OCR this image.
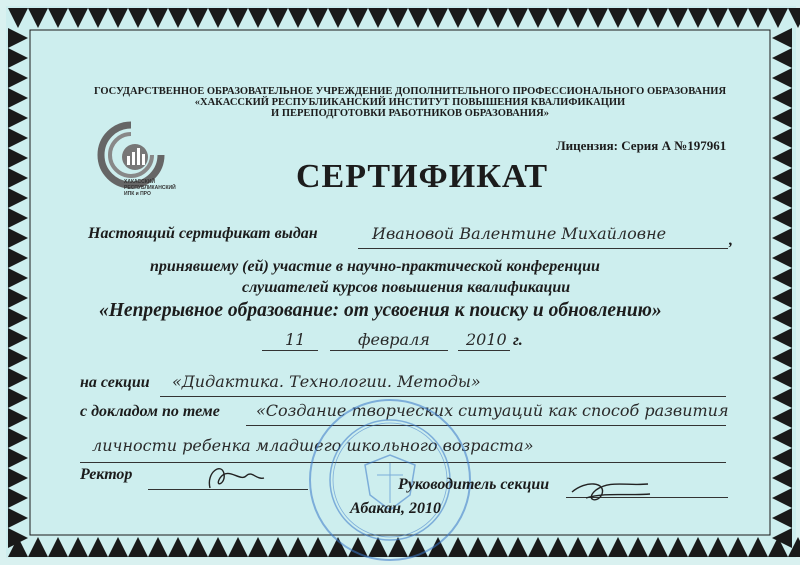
ГОСУДАРСТВЕННОЕ ОБРАЗОВАТЕЛЬНОЕ УЧРЕЖДЕНИЕ ДОПОЛНИТЕЛЬНОГО ПРОФЕССИОНАЛЬНОГО ОБРАЗОВАНИЯ
«ХАКАССКИЙ РЕСПУБЛИКАНСКИЙ ИНСТИТУТ ПОВЫШЕНИЯ КВАЛИФИКАЦИИ
И ПЕРЕПОДГОТОВКИ РАБОТНИКОВ ОБРАЗОВАНИЯ»
ХАКАССКИЙ
РЕСПУБЛИКАНСКИЙ
ИПК и ПРО
Лицензия: Серия А №197961
СЕРТИФИКАТ
Настоящий сертификат выдан	Ивановой Валентине Михайловне	,
принявшему (ей) участие в научно-практической конференции
слушателей курсов повышения квалификации
«Непрерывное образование: от усвоения к поиску и обновлению»
11	февраля 2010 г.
на секции «Дидактика. Технологии. Методы»
с докладом по теме «Создание творческих ситуаций как способ развития
личности ребенка младшего школьного возраста»
Ректор
Руководитель секции
Абакан, 2010
